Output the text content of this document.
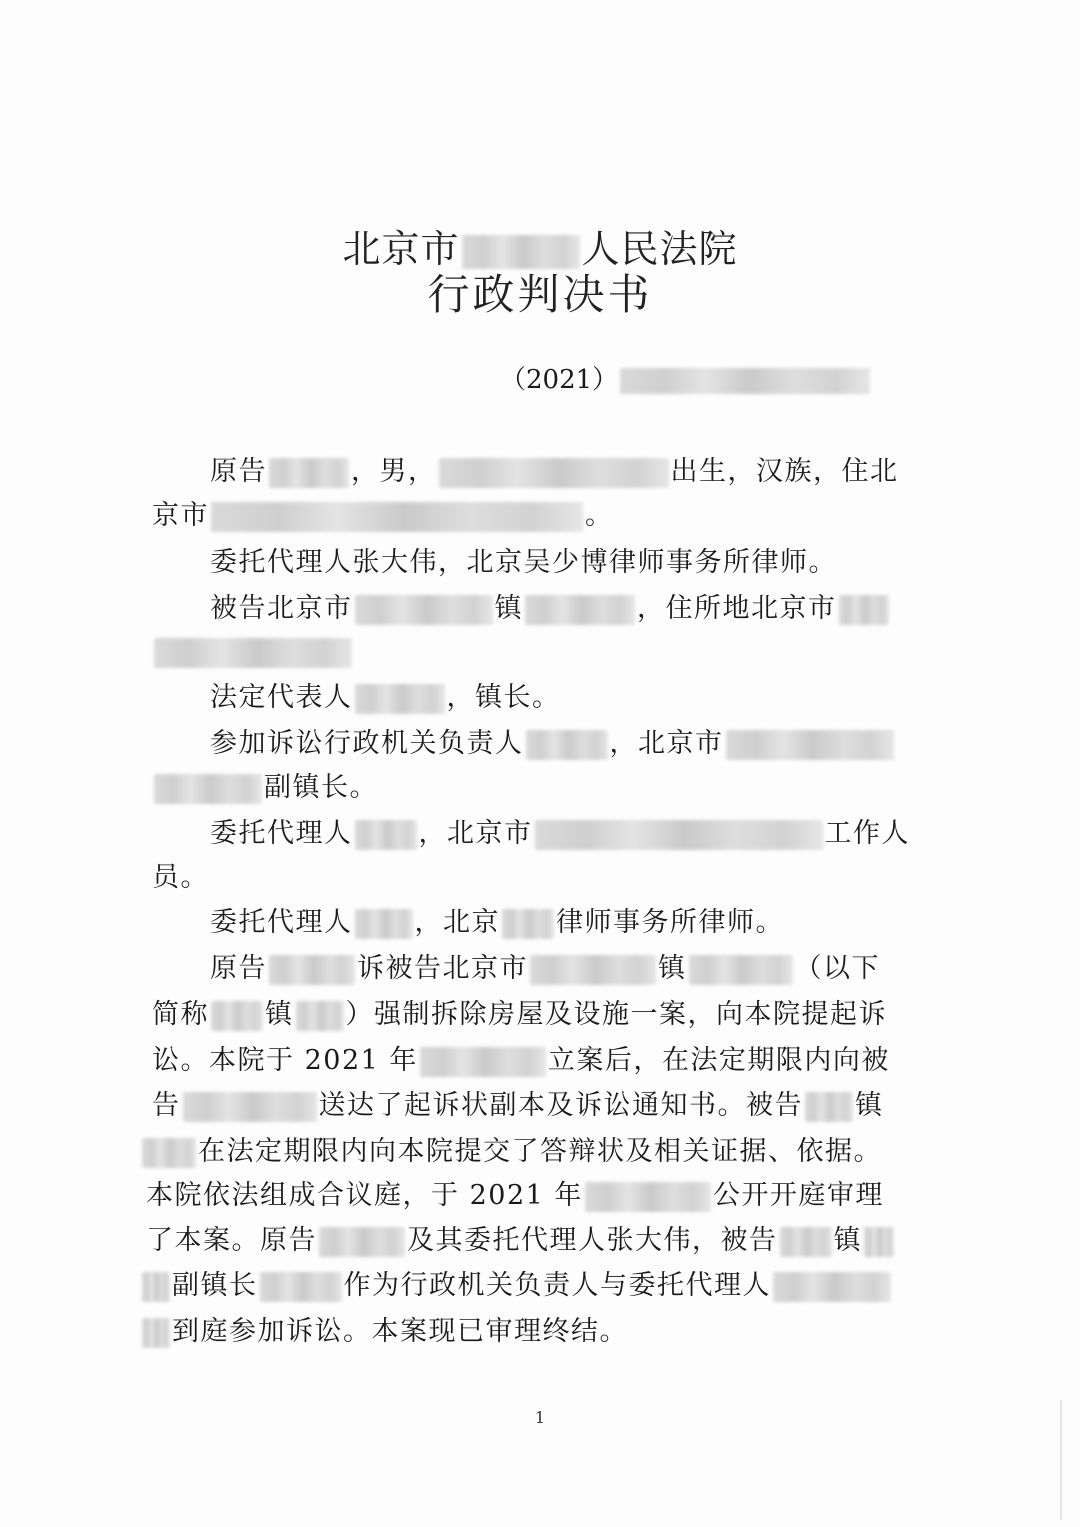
北京市	人民法院
行政判决书
（2021）
原告	，男，	出生，汉族，住北
京市	。
委托代理人张大伟，北京吴少博律师事务所律师。
被告北京市	镇	，住所地北京市
法定代表人	，镇长。
参加诉讼行政机关负责人	，北京市
副镇长。
委托代理人 ，北京市	工作人
员。
委托代理人 ，北京 律师事务所律师。
原告	诉被告北京市	镇	（以下
简称 镇 ）强制拆除房屋及设施一案，向本院提起诉
讼。本院于 2021 年	立案后，在法定期限内向被
告	送达了起诉状副本及诉讼通知书。被告 镇
在法定期限内向本院提交了答辩状及相关证据、依据。
本院依法组成合议庭，于 2021 年	公开开庭审理
了本案。原告	及其委托代理人张大伟，被告 镇
副镇长	作为行政机关负责人与委托代理人
到庭参加诉讼。本案现已审理终结。
1
